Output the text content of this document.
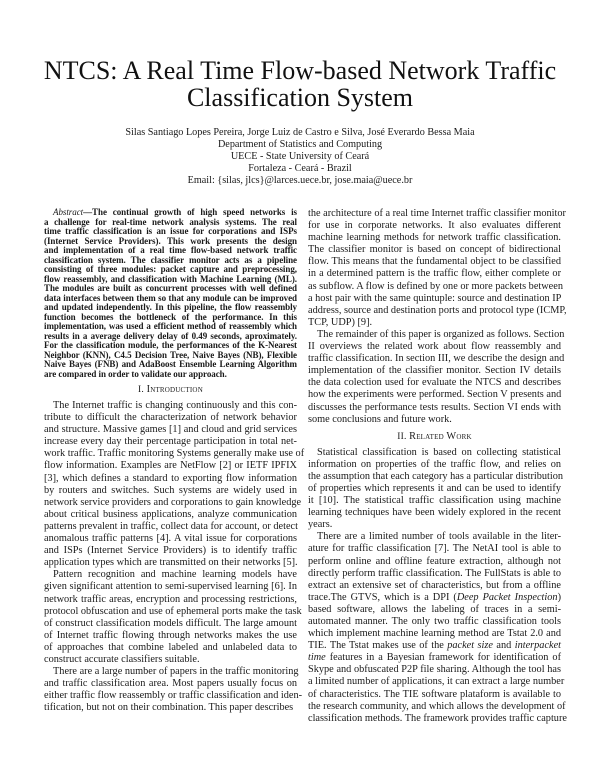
NTCS: A Real Time Flow-based Network Traffic
Classification System
Silas Santiago Lopes Pereira, Jorge Luiz de Castro e Silva, José Everardo Bessa Maia
Department of Statistics and Computing
UECE - State University of Ceará
Fortaleza - Ceará - Brazil
Email: {silas, jlcs}@larces.uece.br, jose.maia@uece.br
Abstract—The continual growth of high speed networks is
a challenge for real-time network analysis systems. The real
time traffic classification is an issue for corporations and ISPs
(Internet Service Providers). This work presents the design
and implementation of a real time flow-based network traffic
classification system. The classifier monitor acts as a pipeline
consisting of three modules: packet capture and preprocessing,
flow reassembly, and classification with Machine Learning (ML).
The modules are built as concurrent processes with well defined
data interfaces between them so that any module can be improved
and updated independently. In this pipeline, the flow reassembly
function becomes the bottleneck of the performance. In this
implementation, was used a efficient method of reassembly which
results in a average delivery delay of 0.49 seconds, aproximately.
For the classification module, the performances of the K-Nearest
Neighbor (KNN), C4.5 Decision Tree, Naive Bayes (NB), Flexible
Naive Bayes (FNB) and AdaBoost Ensemble Learning Algorithm
are compared in order to validate our approach.
I. Introduction
The Internet traffic is changing continuously and this con-
tribute to difficult the characterization of network behavior
and structure. Massive games [1] and cloud and grid services
increase every day their percentage participation in total net-
work traffic. Traffic monitoring Systems generally make use of
flow information. Examples are NetFlow [2] or IETF IPFIX
[3], which defines a standard to exporting flow information
by routers and switches. Such systems are widely used in
network service providers and corporations to gain knowledge
about critical business applications, analyze communication
patterns prevalent in traffic, collect data for account, or detect
anomalous traffic patterns [4]. A vital issue for corporations
and ISPs (Internet Service Providers) is to identify traffic
application types which are transmitted on their networks [5].
Pattern recognition and machine learning models have
given significant attention to semi-supervised learning [6]. In
network traffic areas, encryption and processing restrictions,
protocol obfuscation and use of ephemeral ports make the task
of construct classification models difficult. The large amount
of Internet traffic flowing through networks makes the use
of approaches that combine labeled and unlabeled data to
construct accurate classifiers suitable.
There are a large number of papers in the traffic monitoring
and traffic classification area. Most papers usually focus on
either traffic flow reassembly or traffic classification and iden-
tification, but not on their combination. This paper describes
the architecture of a real time Internet traffic classifier monitor
for use in corporate networks. It also evaluates different
machine learning methods for network traffic classification.
The classifier monitor is based on concept of bidirectional
flow. This means that the fundamental object to be classified
in a determined pattern is the traffic flow, either complete or
as subflow. A flow is defined by one or more packets between
a host pair with the same quintuple: source and destination IP
address, source and destination ports and protocol type (ICMP,
TCP, UDP) [9].
The remainder of this paper is organized as follows. Section
II overviews the related work about flow reassembly and
traffic classification. In section III, we describe the design and
implementation of the classifier monitor. Section IV details
the data colection used for evaluate the NTCS and describes
how the experiments were performed. Section V presents and
discusses the performance tests results. Section VI ends with
some conclusions and future work.
II. Related Work
Statistical classification is based on collecting statistical
information on properties of the traffic flow, and relies on
the assumption that each category has a particular distribution
of properties which represents it and can be used to identify
it [10]. The statistical traffic classification using machine
learning techniques have been widely explored in the recent
years.
There are a limited number of tools available in the liter-
ature for traffic classification [7]. The NetAI tool is able to
perform online and offline feature extraction, although not
directly perform traffic classification. The FullStats is able to
extract an extensive set of characteristics, but from a offline
trace.The GTVS, which is a DPI (Deep Packet Inspection)
based software, allows the labeling of traces in a semi-
automated manner. The only two traffic classification tools
which implement machine learning method are Tstat 2.0 and
TIE. The Tstat makes use of the packet size and interpacket
time features in a Bayesian framework for identification of
Skype and obfuscated P2P file sharing. Although the tool has
a limited number of applications, it can extract a large number
of characteristics. The TIE software plataform is available to
the research community, and which allows the development of
classification methods. The framework provides traffic capture
